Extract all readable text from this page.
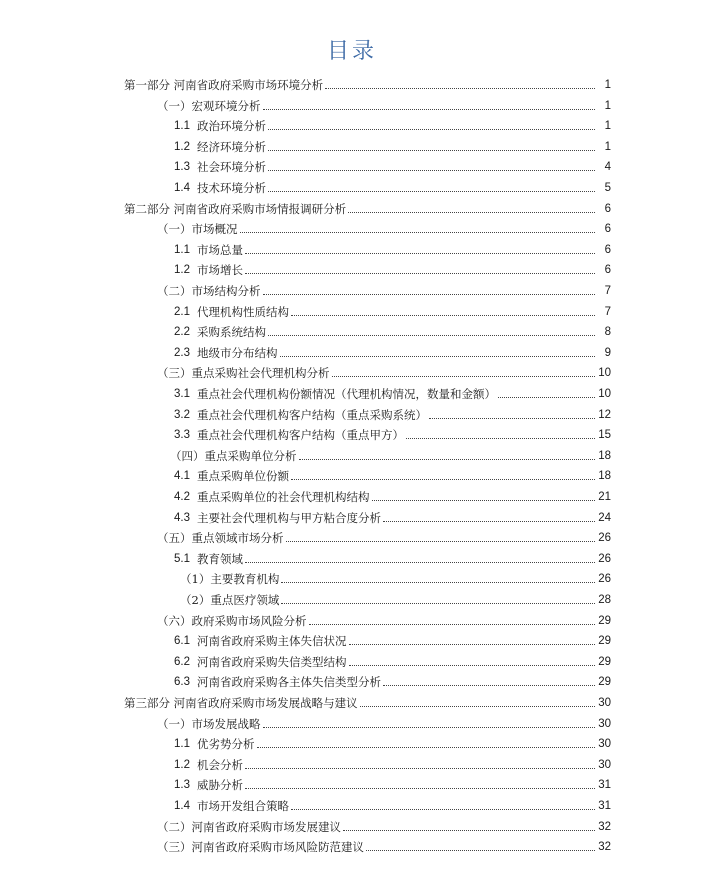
目录
第一部分 河南省政府采购市场环境分析	1
（一）宏观环境分析	1
1.1 政治环境分析	1
1.2 经济环境分析	1
1.3 社会环境分析	4
1.4 技术环境分析	5
第二部分 河南省政府采购市场情报调研分析	6
（一）市场概况	6
1.1 市场总量	6
1.2 市场增长	6
（二）市场结构分析	7
2.1 代理机构性质结构	7
2.2 采购系统结构	8
2.3 地级市分布结构	9
（三）重点采购社会代理机构分析	10
3.1 重点社会代理机构份额情况（代理机构情况，数量和金额）	10
3.2 重点社会代理机构客户结构（重点采购系统）	12
3.3 重点社会代理机构客户结构（重点甲方）	15
（四）重点采购单位分析	18
4.1 重点采购单位份额	18
4.2 重点采购单位的社会代理机构结构	21
4.3 主要社会代理机构与甲方粘合度分析	24
（五）重点领域市场分析	26
5.1 教育领域	26
（1）主要教育机构	26
（2）重点医疗领域	28
（六）政府采购市场风险分析	29
6.1 河南省政府采购主体失信状况	29
6.2 河南省政府采购失信类型结构	29
6.3 河南省政府采购各主体失信类型分析	29
第三部分 河南省政府采购市场发展战略与建议	30
（一）市场发展战略	30
1.1 优劣势分析	30
1.2 机会分析	30
1.3 威胁分析	31
1.4 市场开发组合策略	31
（二）河南省政府采购市场发展建议	32
（三）河南省政府采购市场风险防范建议	32
